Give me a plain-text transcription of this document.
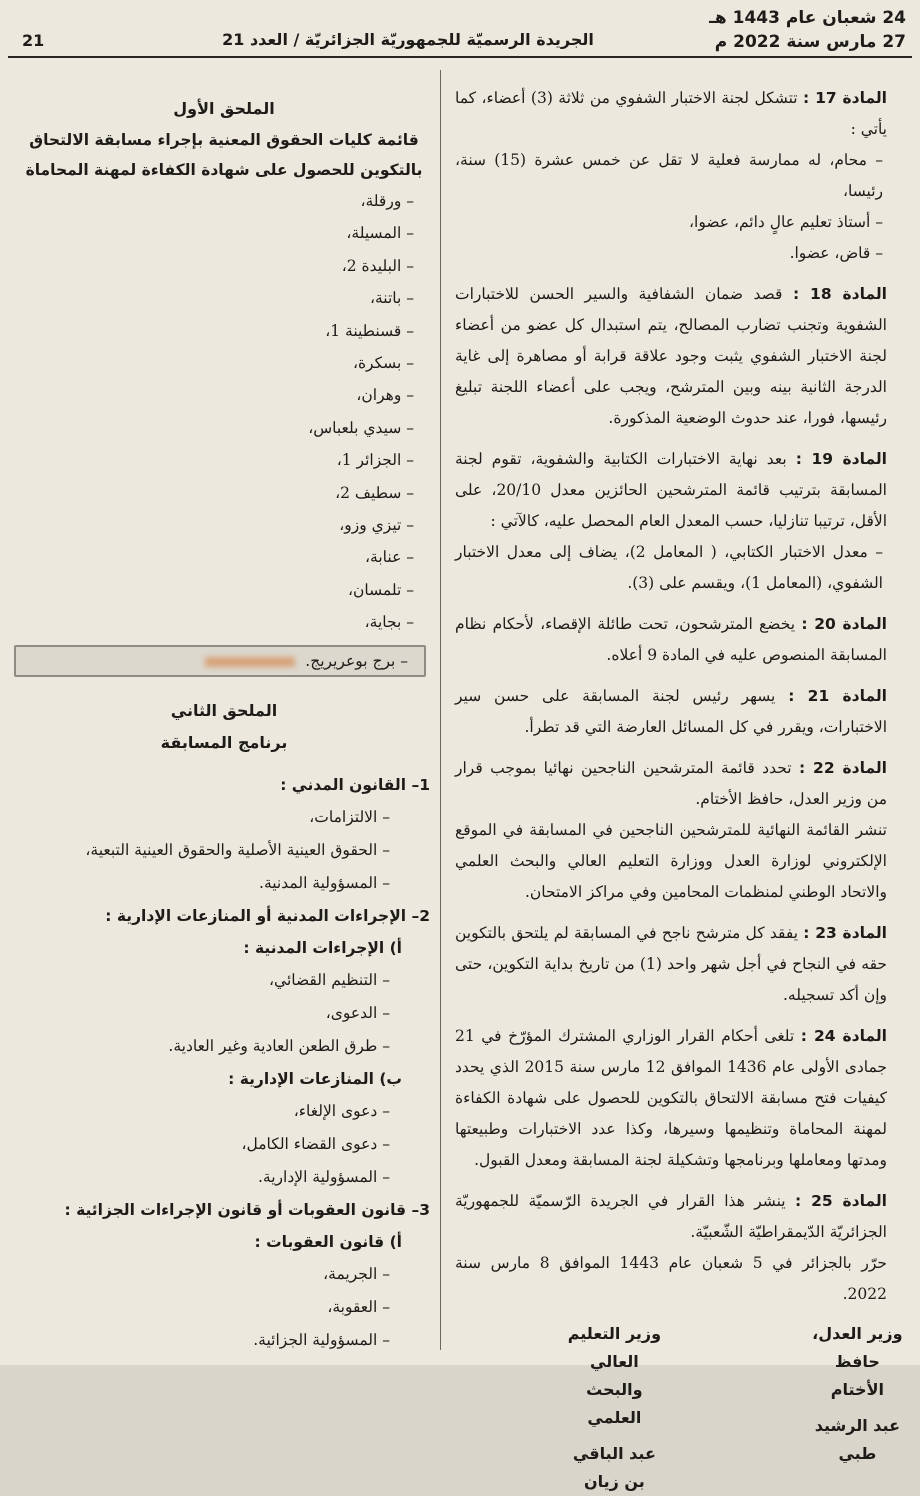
24 شعبان عام 1443 هـ
27 مارس سنة 2022 م
الجريدة الرسميّة للجمهوريّة الجزائريّة / العدد 21
21

المادة 17 : تتشكل لجنة الاختبار الشفوي من ثلاثة (3) أعضاء، كما يأتي :

– محام، له ممارسة فعلية لا تقل عن خمس عشرة (15) سنة، رئيسا،

– أستاذ تعليم عالٍ دائم، عضوا،

– قاض، عضوا.

المادة 18 : قصد ضمان الشفافية والسير الحسن للاختبارات الشفوية وتجنب تضارب المصالح، يتم استبدال كل عضو من أعضاء لجنة الاختبار الشفوي يثبت وجود علاقة قرابة أو مصاهرة إلى غاية الدرجة الثانية بينه وبين المترشح، ويجب على أعضاء اللجنة تبليغ رئيسها، فورا، عند حدوث الوضعية المذكورة.

المادة 19 : بعد نهاية الاختبارات الكتابية والشفوية، تقوم لجنة المسابقة بترتيب قائمة المترشحين الحائزين معدل 20/10، على الأقل، ترتيبا تنازليا، حسب المعدل العام المحصل عليه، كالآتي :

– معدل الاختبار الكتابي، ( المعامل 2)، يضاف إلى معدل الاختبار الشفوي، (المعامل 1)، ويقسم على (3).

المادة 20 : يخضع المترشحون، تحت طائلة الإقصاء، لأحكام نظام المسابقة المنصوص عليه في المادة 9 أعلاه.

المادة 21 : يسهر رئيس لجنة المسابقة على حسن سير الاختبارات، ويقرر في كل المسائل العارضة التي قد تطرأ.

المادة 22 : تحدد قائمة المترشحين الناجحين نهائيا بموجب قرار من وزير العدل، حافظ الأختام.

تنشر القائمة النهائية للمترشحين الناجحين في المسابقة في الموقع الإلكتروني لوزارة العدل ووزارة التعليم العالي والبحث العلمي والاتحاد الوطني لمنظمات المحامين وفي مراكز الامتحان.

المادة 23 : يفقد كل مترشح ناجح في المسابقة لم يلتحق بالتكوين حقه في النجاح في أجل شهر واحد (1) من تاريخ بداية التكوين، حتى وإن أكد تسجيله.

المادة 24 : تلغى أحكام القرار الوزاري المشترك المؤرّخ في 21 جمادى الأولى عام 1436 الموافق 12 مارس سنة 2015 الذي يحدد كيفيات فتح مسابقة الالتحاق بالتكوين للحصول على شهادة الكفاءة لمهنة المحاماة وتنظيمها وسيرها، وكذا عدد الاختبارات وطبيعتها ومدتها ومعاملها وبرنامجها وتشكيلة لجنة المسابقة ومعدل القبول.

المادة 25 : ينشر هذا القرار في الجريدة الرّسميّة للجمهوريّة الجزائريّة الدّيمقراطيّة الشّعبيّة.

حرّر بالجزائر في 5 شعبان عام 1443 الموافق 8 مارس سنة 2022.

وزير العدل، حافظ الأختام
عبد الرشيد طبي
وزير التعليم العالي والبحث العلمي
عبد الباقي بن زيان
الملحق الأول
قائمة كليات الحقوق المعنية بإجراء مسابقة الالتحاق بالتكوين للحصول على شهادة الكفاءة لمهنة المحاماة
– ورقلة،
– المسيلة،
– البليدة 2،
– باتنة،
– قسنطينة 1،
– بسكرة،
– وهران،
– سيدي بلعباس،
– الجزائر 1،
– سطيف 2،
– تيزي وزو،
– عنابة،
– تلمسان،
– بجاية،
– برج بوعريريج.
الملحق الثاني
برنامج المسابقة
1– القانون المدني :
– الالتزامات،
– الحقوق العينية الأصلية والحقوق العينية التبعية،
– المسؤولية المدنية.
2– الإجراءات المدنية أو المنازعات الإدارية :
أ) الإجراءات المدنية :
– التنظيم القضائي،
– الدعوى،
– طرق الطعن العادية وغير العادية.
ب) المنازعات الإدارية :
– دعوى الإلغاء،
– دعوى القضاء الكامل،
– المسؤولية الإدارية.
3– قانون العقوبات أو قانون الإجراءات الجزائية :
أ) قانون العقوبات :
– الجريمة،
– العقوبة،
– المسؤولية الجزائية.
